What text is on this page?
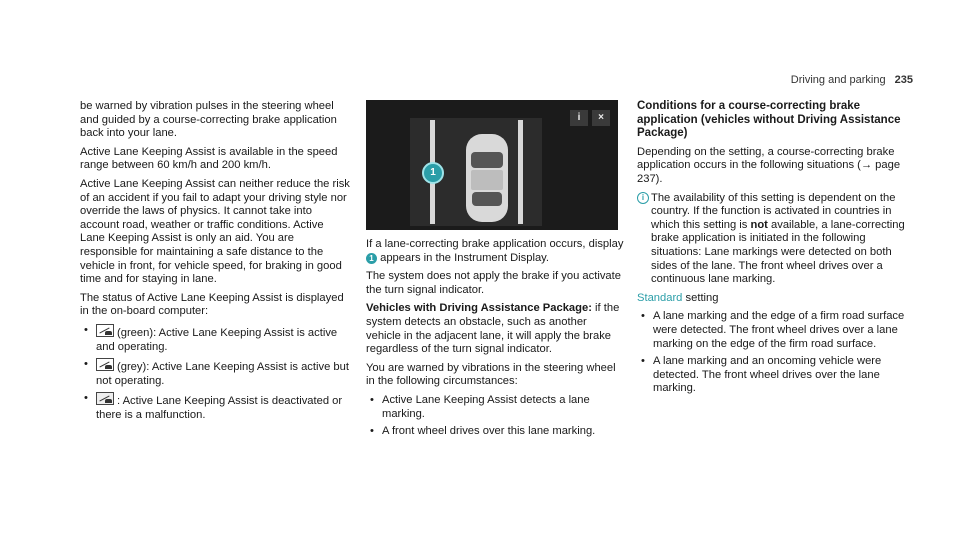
Driving and parking 235

be warned by vibration pulses in the steering wheel and guided by a course-correcting brake application back into your lane.

Active Lane Keeping Assist is available in the speed range between 60 km/h and 200 km/h.

Active Lane Keeping Assist can neither reduce the risk of an accident if you fail to adapt your driving style nor override the laws of physics. It cannot take into account road, weather or traffic conditions. Active Lane Keeping Assist is only an aid. You are responsible for maintaining a safe distance to the vehicle in front, for vehicle speed, for braking in good time and for staying in lane.

The status of Active Lane Keeping Assist is displayed in the on-board computer:

•	(green): Active Lane Keeping Assist is active and operating.
•	(grey): Active Lane Keeping Assist is active but not operating.
•	: Active Lane Keeping Assist is deactivated or there is a malfunction.
i	×
1

If a lane-correcting brake application occurs, display 1 appears in the Instrument Display.

The system does not apply the brake if you activate the turn signal indicator.

Vehicles with Driving Assistance Package: if the system detects an obstacle, such as another vehicle in the adjacent lane, it will apply the brake regardless of the turn signal indicator.

You are warned by vibrations in the steering wheel in the following circumstances:

• Active Lane Keeping Assist detects a lane marking.
• A front wheel drives over this lane marking.

Conditions for a course-correcting brake application (vehicles without Driving Assistance Package)

Depending on the setting, a course-correcting brake application occurs in the following situations (→ page 237).

i The availability of this setting is dependent on the country. If the function is activated in countries in which this setting is not available, a lane-correcting brake application is initiated in the following situations: Lane markings were detected on both sides of the lane. The front wheel drives over a continuous lane marking.

Standard setting

• A lane marking and the edge of a firm road surface were detected. The front wheel drives over a lane marking on the edge of the firm road surface.
• A lane marking and an oncoming vehicle were detected. The front wheel drives over the lane marking.
